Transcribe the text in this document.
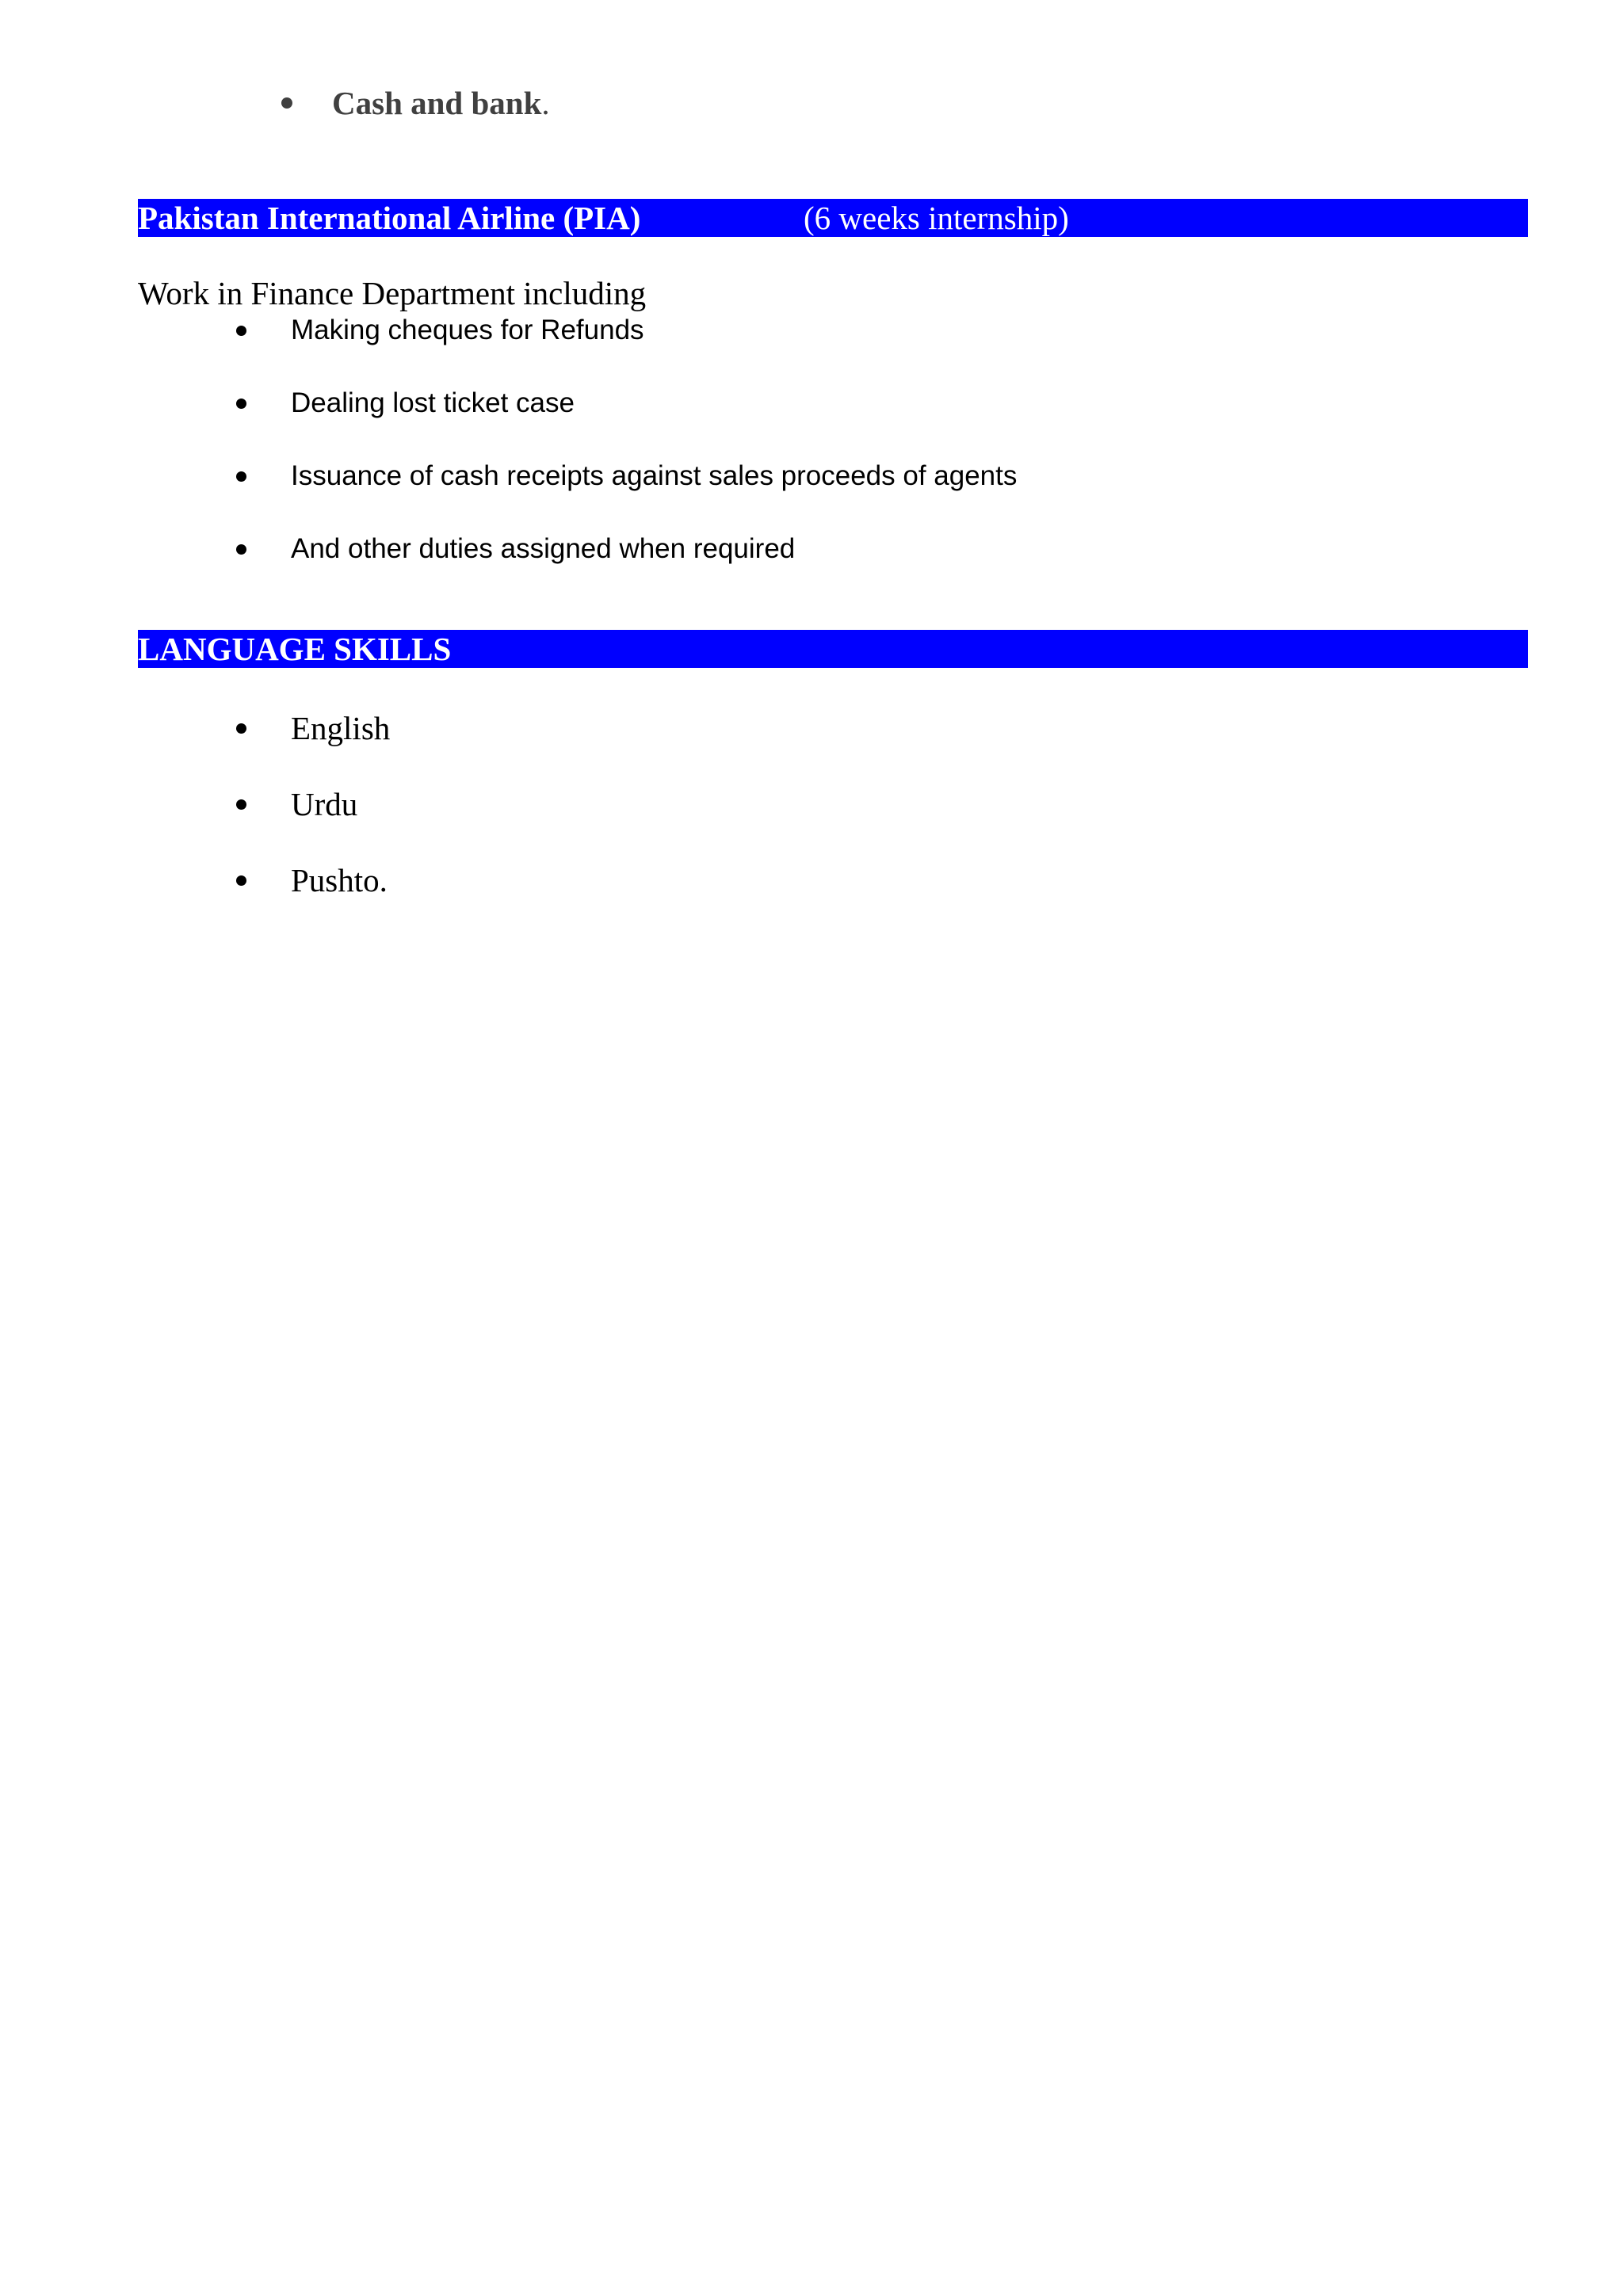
Cash and bank .
Pakistan International Airline (PIA)	(6 weeks internship)
Work in Finance Department including
Making cheques for Refunds
Dealing lost ticket case
Issuance of cash receipts against sales proceeds of agents
And other duties assigned when required
LANGUAGE SKILLS
English
Urdu
Pushto.
